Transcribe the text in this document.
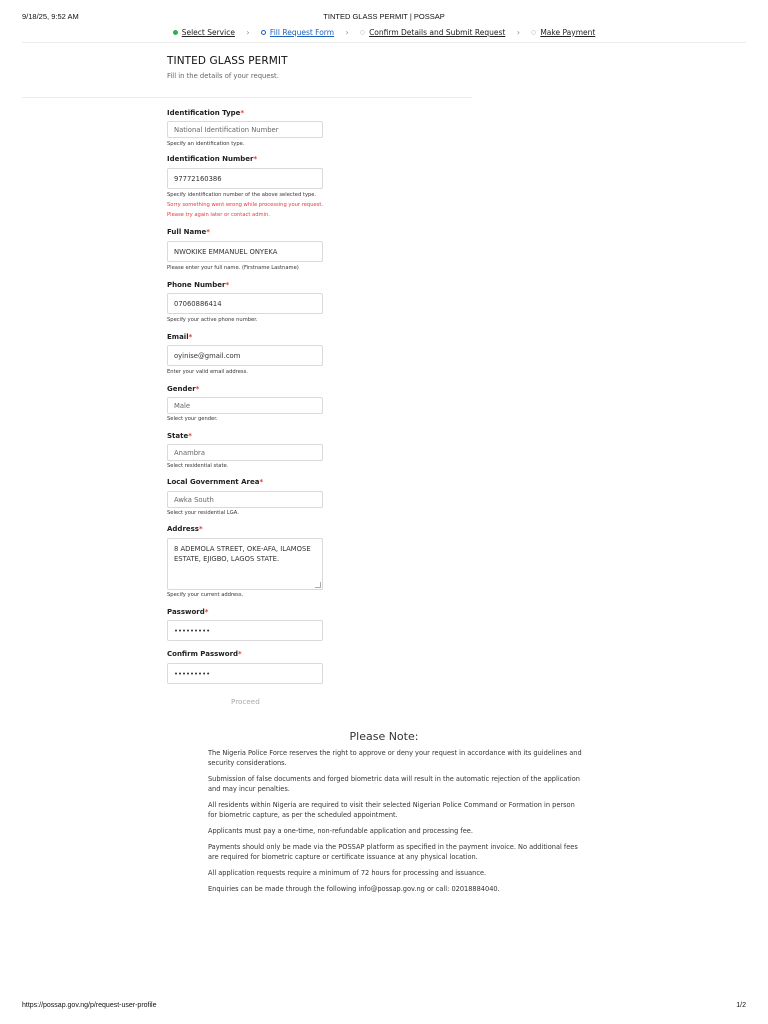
9/18/25, 9:52 AM	TINTED GLASS PERMIT | POSSAP
Select Service ›	Fill Request Form ›	Confirm Details and Submit Request ›	Make Payment
TINTED GLASS PERMIT
Fill in the details of your request.
Identification Type*
National Identification Number
Specify an identification type.
Identification Number*
97772160386
Specify identification number of the above selected type.
Sorry something went wrong while processing your request.
Please try again later or contact admin.
Full Name*
NWOKIKE EMMANUEL ONYEKA
Please enter your full name. (Firstname Lastname)
Phone Number*
07060886414
Specify your active phone number.
Email*
oyinise@gmail.com
Enter your valid email address.
Gender*
Male
Select your gender.
State*
Anambra
Select residential state.
Local Government Area*
Awka South
Select your residential LGA.
Address*
8 ADEMOLA STREET, OKE-AFA, ILAMOSE ESTATE, EJIGBO, LAGOS STATE.
Specify your current address.
Password*
•••••••••
Confirm Password*
•••••••••
Proceed
Please Note:

The Nigeria Police Force reserves the right to approve or deny your request in accordance with its guidelines and security considerations.

Submission of false documents and forged biometric data will result in the automatic rejection of the application and may incur penalties.

All residents within Nigeria are required to visit their selected Nigerian Police Command or Formation in person for biometric capture, as per the scheduled appointment.

Applicants must pay a one-time, non-refundable application and processing fee.

Payments should only be made via the POSSAP platform as specified in the payment invoice. No additional fees are required for biometric capture or certificate issuance at any physical location.

All application requests require a minimum of 72 hours for processing and issuance.

Enquiries can be made through the following info@possap.gov.ng or call: 02018884040.

https://possap.gov.ng/p/request-user-profile	1/2
